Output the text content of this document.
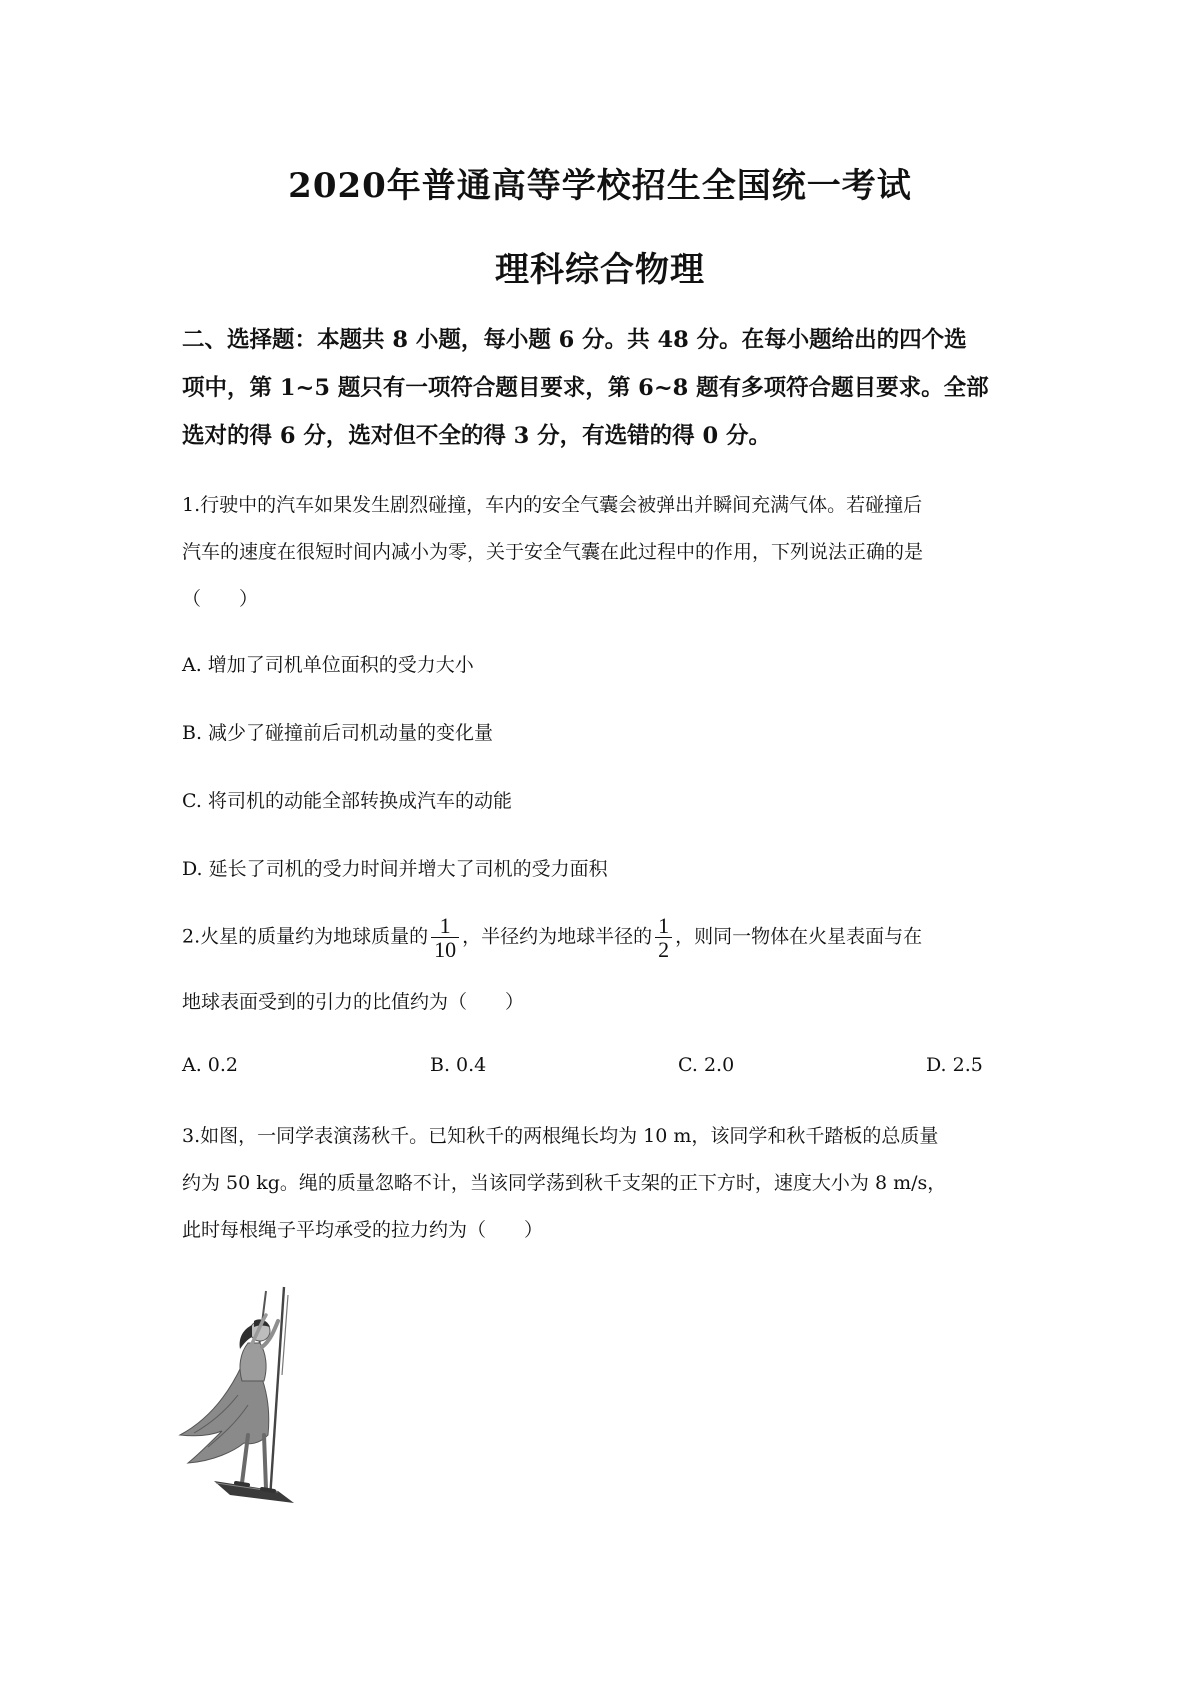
2020年普通高等学校招生全国统一考试
理科综合物理
二、选择题：本题共 8 小题，每小题 6 分。共 48 分。在每小题给出的四个选
项中，第 1~5 题只有一项符合题目要求，第 6~8 题有多项符合题目要求。全部
选对的得 6 分，选对但不全的得 3 分，有选错的得 0 分。
1.行驶中的汽车如果发生剧烈碰撞，车内的安全气囊会被弹出并瞬间充满气体。若碰撞后
汽车的速度在很短时间内减小为零，关于安全气囊在此过程中的作用，下列说法正确的是
（　　）
A. 增加了司机单位面积的受力大小
B. 减少了碰撞前后司机动量的变化量
C. 将司机的动能全部转换成汽车的动能
D. 延长了司机的受力时间并增大了司机的受力面积
2.火星的质量约为地球质量的 $\frac{1}{10}$ ，半径约为地球半径的 $\frac{1}{2}$ ，则同一物体在火星表面与在
地球表面受到的引力的比值约为（　　）
A. 0.2	B. 0.4	C. 2.0	D. 2.5
3.如图，一同学表演荡秋千。已知秋千的两根绳长均为 10 m，该同学和秋千踏板的总质量
约为 50 kg。绳的质量忽略不计，当该同学荡到秋千支架的正下方时，速度大小为 8 m/s，
此时每根绳子平均承受的拉力约为（　　）
